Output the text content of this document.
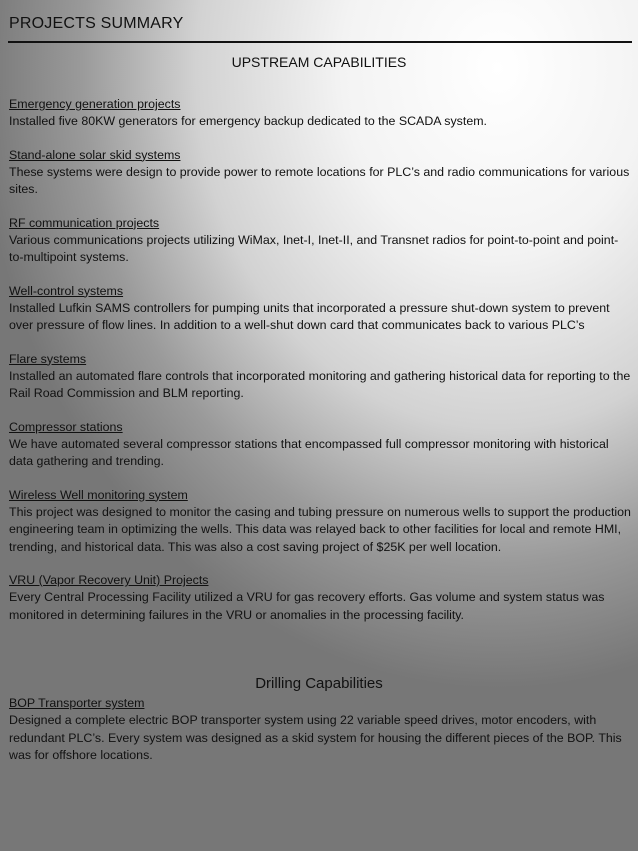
PROJECTS SUMMARY
UPSTREAM CAPABILITIES
Emergency generation projects
Installed five 80KW generators for emergency backup dedicated to the SCADA system.
Stand-alone solar skid systems
These systems were design to provide power to remote locations for PLC’s and radio communications for various sites.
RF communication projects
Various communications projects utilizing WiMax, Inet-I, Inet-II, and Transnet radios for point-to-point and point-to-multipoint systems.
Well-control systems
Installed Lufkin SAMS controllers for pumping units that incorporated a pressure shut-down system to prevent over pressure of flow lines. In addition to a well-shut down card that communicates back to various PLC’s
Flare systems
Installed an automated flare controls that incorporated monitoring and gathering historical data for reporting to the Rail Road Commission and BLM reporting.
Compressor stations
We have automated several compressor stations that encompassed full compressor monitoring with historical data gathering and trending.
Wireless Well monitoring system
This project was designed to monitor the casing and tubing pressure on numerous wells to support the production engineering team in optimizing the wells. This data was relayed back to other facilities for local and remote HMI, trending, and historical data. This was also a cost saving project of $25K per well location.
VRU (Vapor Recovery Unit) Projects
Every Central Processing Facility utilized a VRU for gas recovery efforts. Gas volume and system status was monitored in determining failures in the VRU or anomalies in the processing facility.
Drilling Capabilities
BOP Transporter system
Designed a complete electric BOP transporter system using 22 variable speed drives, motor encoders, with redundant PLC’s. Every system was designed as a skid system for housing the different pieces of the BOP. This was for offshore locations.
